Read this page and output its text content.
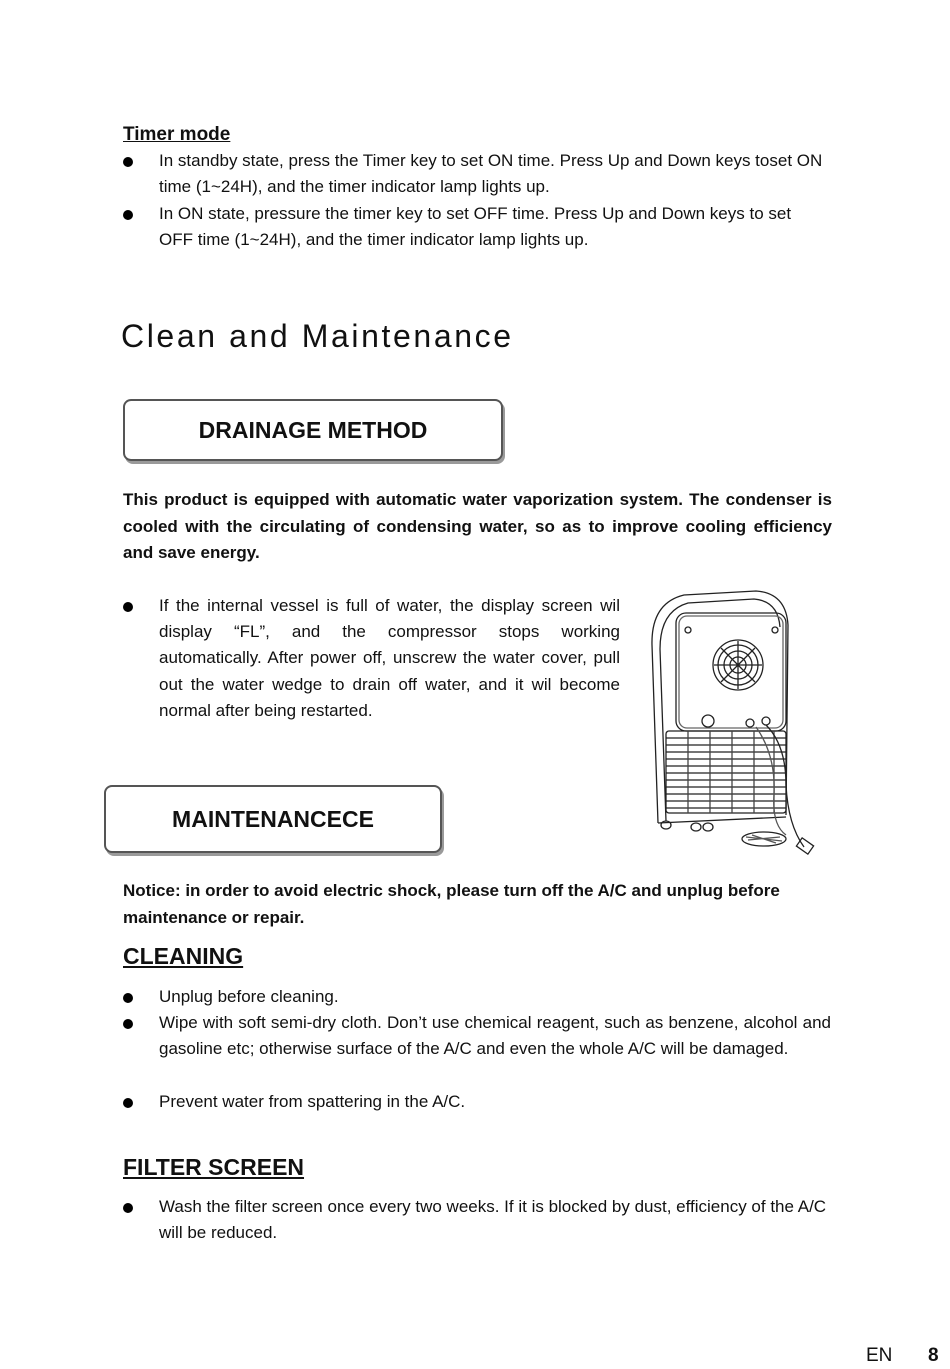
Timer mode
In standby state, press the Timer key to set ON time. Press Up and Down keys toset ON time (1~24H), and the timer indicator lamp lights up.
In ON state, pressure the timer key to set OFF time. Press Up and Down keys to set OFF time (1~24H), and the timer indicator lamp lights up.
Clean and Maintenance
DRAINAGE METHOD
This product is equipped with automatic water vaporization system. The condenser is cooled with the circulating of condensing water, so as to improve cooling efficiency and save energy.
If the internal vessel is full of water, the display screen wil display “FL”, and the compressor stops working automatically. After power off, unscrew the water cover, pull out the water wedge to drain off water, and it wil become normal after being restarted.
MAINTENANCECE
Notice: in order to avoid electric shock, please turn off the A/C and unplug before maintenance or repair.
CLEANING
Unplug before cleaning.
Wipe with soft semi-dry cloth. Don’t use chemical reagent, such as benzene, alcohol and gasoline etc; otherwise surface of the A/C and even the whole A/C will be damaged.
Prevent water from spattering in the A/C.
FILTER SCREEN
Wash the filter screen once every two weeks. If it is blocked by dust, efficiency of the A/C will be reduced.
EN 8
